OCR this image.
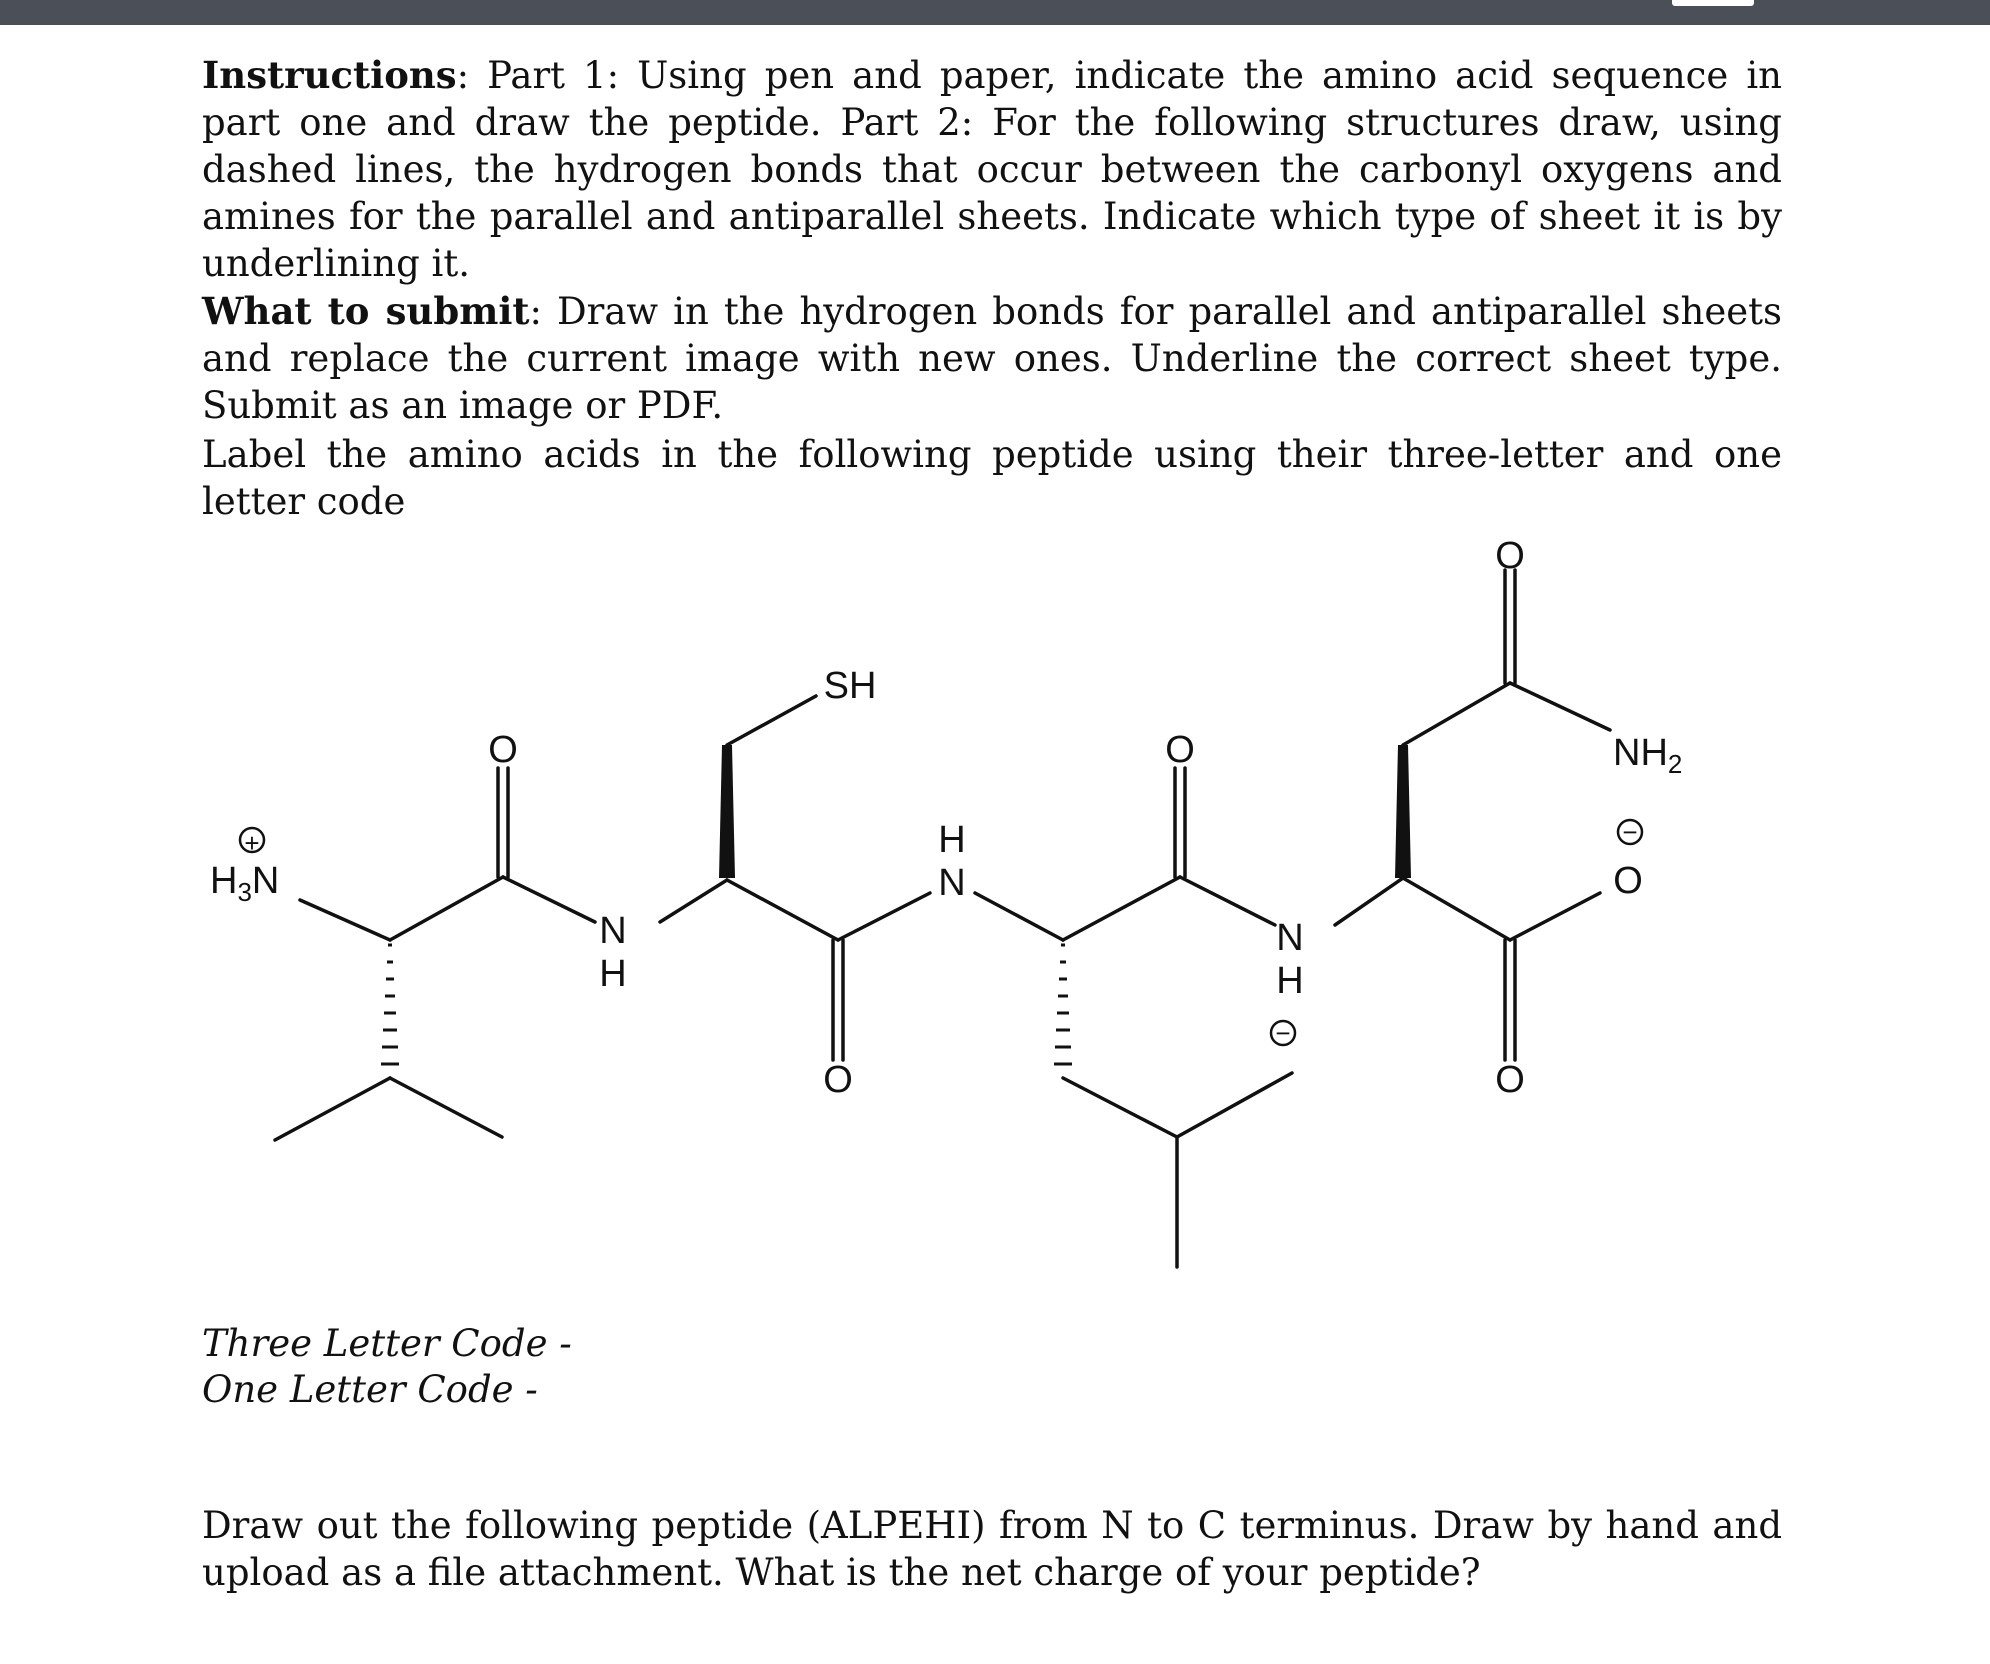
Instructions: Part 1: Using pen and paper, indicate the amino acid sequence in part one and draw the peptide. Part 2: For the following structures draw, using dashed lines, the hydrogen bonds that occur between the carbonyl oxygens and amines for the parallel and antiparallel sheets. Indicate which type of sheet it is by underlining it.

What to submit: Draw in the hydrogen bonds for parallel and antiparallel sheets and replace the current image with new ones. Underline the correct sheet type. Submit as an image or PDF.

Label the amino acids in the following peptide using their three-letter and one letter code

+
$H_3N$
O
N
H
SH
O
H
N
O
N
H
−
O
$NH_2$
−
O
O
Three Letter Code -
One Letter Code -

Draw out the following peptide (ALPEHI) from N to C terminus. Draw by hand and upload as a file attachment. What is the net charge of your peptide?
